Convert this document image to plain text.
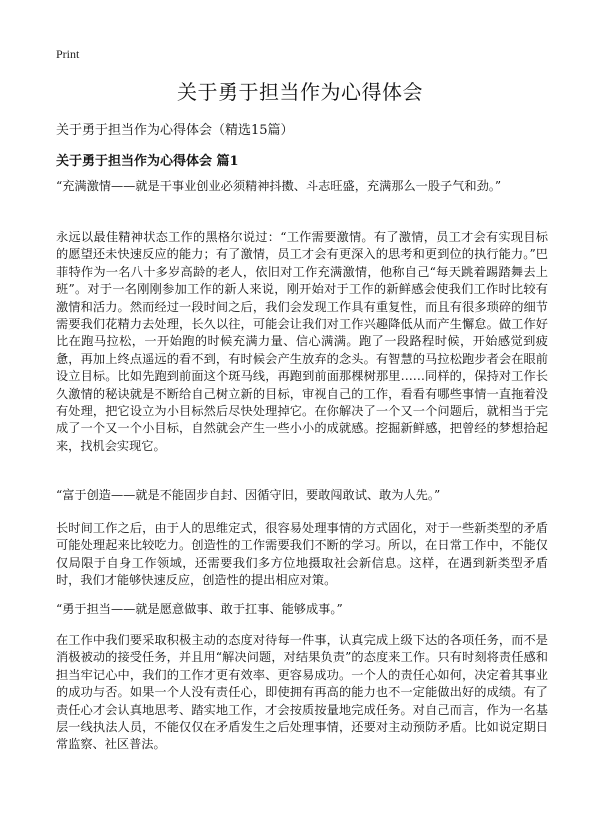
Print
关于勇于担当作为心得体会

关于勇于担当作为心得体会（精选15篇）

关于勇于担当作为心得体会 篇1

“充满激情——就是干事业创业必须精神抖擞、斗志旺盛，充满那么一股子气和劲。”

永远以最佳精神状态工作的黑格尔说过：“工作需要激情。有了激情，员工才会有实现目标的愿望还未快速反应的能力；有了激情，员工才会有更深入的思考和更到位的执行能力。”巴菲特作为一名八十多岁高龄的老人，依旧对工作充满激情，他称自己“每天跳着踢踏舞去上班”。对于一名刚刚参加工作的新人来说，刚开始对于工作的新鲜感会使我们工作时比较有激情和活力。然而经过一段时间之后，我们会发现工作具有重复性，而且有很多琐碎的细节需要我们花精力去处理，长久以往，可能会让我们对工作兴趣降低从而产生懈怠。做工作好比在跑马拉松，一开始跑的时候充满力量、信心满满。跑了一段路程时候，开始感觉到疲惫，再加上终点遥远的看不到，有时候会产生放弃的念头。有智慧的马拉松跑步者会在眼前设立目标。比如先跑到前面这个斑马线，再跑到前面那棵树那里……同样的，保持对工作长久激情的秘诀就是不断给自己树立新的目标，审视自己的工作，看看有哪些事情一直拖着没有处理，把它设立为小目标然后尽快处理掉它。在你解决了一个又一个问题后，就相当于完成了一个又一个小目标，自然就会产生一些小小的成就感。挖掘新鲜感，把曾经的梦想拾起来，找机会实现它。

“富于创造——就是不能固步自封、因循守旧，要敢闯敢试、敢为人先。”

长时间工作之后，由于人的思维定式，很容易处理事情的方式固化，对于一些新类型的矛盾可能处理起来比较吃力。创造性的工作需要我们不断的学习。所以，在日常工作中，不能仅仅局限于自身工作领域，还需要我们多方位地摄取社会新信息。这样，在遇到新类型矛盾时，我们才能够快速反应，创造性的提出相应对策。

“勇于担当——就是愿意做事、敢于扛事、能够成事。”

在工作中我们要采取积极主动的态度对待每一件事，认真完成上级下达的各项任务，而不是消极被动的接受任务，并且用“解决问题，对结果负责”的态度来工作。只有时刻将责任感和担当牢记心中，我们的工作才更有效率、更容易成功。一个人的责任心如何，决定着其事业的成功与否。如果一个人没有责任心，即使拥有再高的能力也不一定能做出好的成绩。有了责任心才会认真地思考、踏实地工作，才会按质按量地完成任务。对自己而言，作为一名基层一线执法人员，不能仅仅在矛盾发生之后处理事情，还要对主动预防矛盾。比如说定期日常监察、社区普法。
